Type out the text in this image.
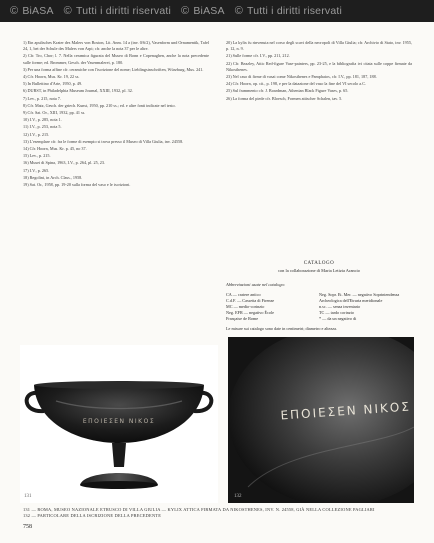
© BiASA © Tutti i diritti riservati © BiASA © Tutti i diritti riservati

1) Ein apulisches Krater des Malers von Boston, Lit. Anm. 14 a (inv. 0/6/2), Vasenform und Ornamentik, Tafel 24, 1, bei der Schule des Malers von Arpi; cfr. anche la nota 37 per le altre.

2) Cfr. Tro, Chor; l. 7. Nella ceramica figurata del Museo di Bonn e Copenaghen, anche la nota precedente sulle forme; ed. Brommer, Gesch. der Vasenmalerei, p. 180.

3) Per una forma affine cfr. ceramiche con l'iscrizione del nome; Lieblingsinschriften, Würzburg, Mus. 241.

4) Cfr. Hoorn, Mus. Kr. 19, 22 ss.

5) In Bullettino d'Arte, 1950, p. 49.

6) DURST, in Philadelphia Museum Journal, XXIII, 1932, pl. 32.

7) Lev., p. 215, nota 7.

8) Cfr. Matz, Gesch. der griech. Kunst, 1950, pp. 210 ss.; ed. e altre fonti indicate nel testo.

9) Cfr. Sat. Or., XIII, 1932, pp. 41 ss.

10) I.V., p. 285, nota 1.

11) I.V., p. 253, nota 5.

12) I.V., p. 215.

13) L'esemplare cfr. fra le forme di esempio si trova presso il Museo di Villa Giulia, inv. 24558.

14) Cfr. Hoorn, Mus. Kr. p. 45, no 37.

15) Lev., p. 215.

16) Musei di Spina, 1963, I.V., p. 264, pl. 25, 23.

17) I.V., p. 265.

18) Regolini, in Arch. Class., 1958.

19) Sat. Or., 1958, pp. 19-20 sulla forma del vaso e le iscrizioni.

20) La kylix fu rinvenuta nel corso degli scavi della necropoli di Villa Giulia; cfr. Archivio di Stato, inv. 1955, p. 12, n. 9.

21) Sulle forme cfr. I.V., pp. 211, 212.

22) Cfr. Beazley, Attic Red-figure Vase-painters, pp. 23-25, e la bibliografia ivi citata sulle coppe firmate da Nikosthenes.

23) Nel caso di firme di vasai come Nikosthenes e Pamphaios, cfr. I.V., pp. 181, 187, 188.

24) Cfr. Hoorn, op. cit., p. 198, e per la datazione del vaso la fine del VI secolo a.C.

25) Sul frammento cfr. J. Boardman, Athenian Black Figure Vases, p. 65.

26) La forma del piede cfr. Bloesch, Formen attischer Schalen, tav. 5.

CATALOGO
con la collaborazione di Maria Letizia Arancio
Abbreviazioni usate nel catalogo:
CA — cratere antico	Neg. Sopr. Et. Mer. — negativo Soprintendenza
C.d.F. — Cassetta di Firenze	Archeologica dell'Etruria meridionale
MC — medio-corinzio	n.sc. — senza inventario
Neg. EFR — negativo École	TC — tardo corinzio
Française de Rome	* — da un negativo di
Le misure sui catalogo sono date in centimetri; diametro e altezza.
ΕΠΟΙΕΣΕΝ ΝΙΚΟΣ
131
ΕΠΟΙΕΣΕΝ ΝΙΚΟΣ
132
131 — ROMA, MUSEO NAZIONALE ETRUSCO DI VILLA GIULIA — KYLIX ATTICA FIRMATA DA NIKOSTHENES, INV. N. 24558, GIÀ NELLA COLLEZIONE PAGLIARI
132 — PARTICOLARE DELLA ISCRIZIONE DELLA PRECEDENTE
758
